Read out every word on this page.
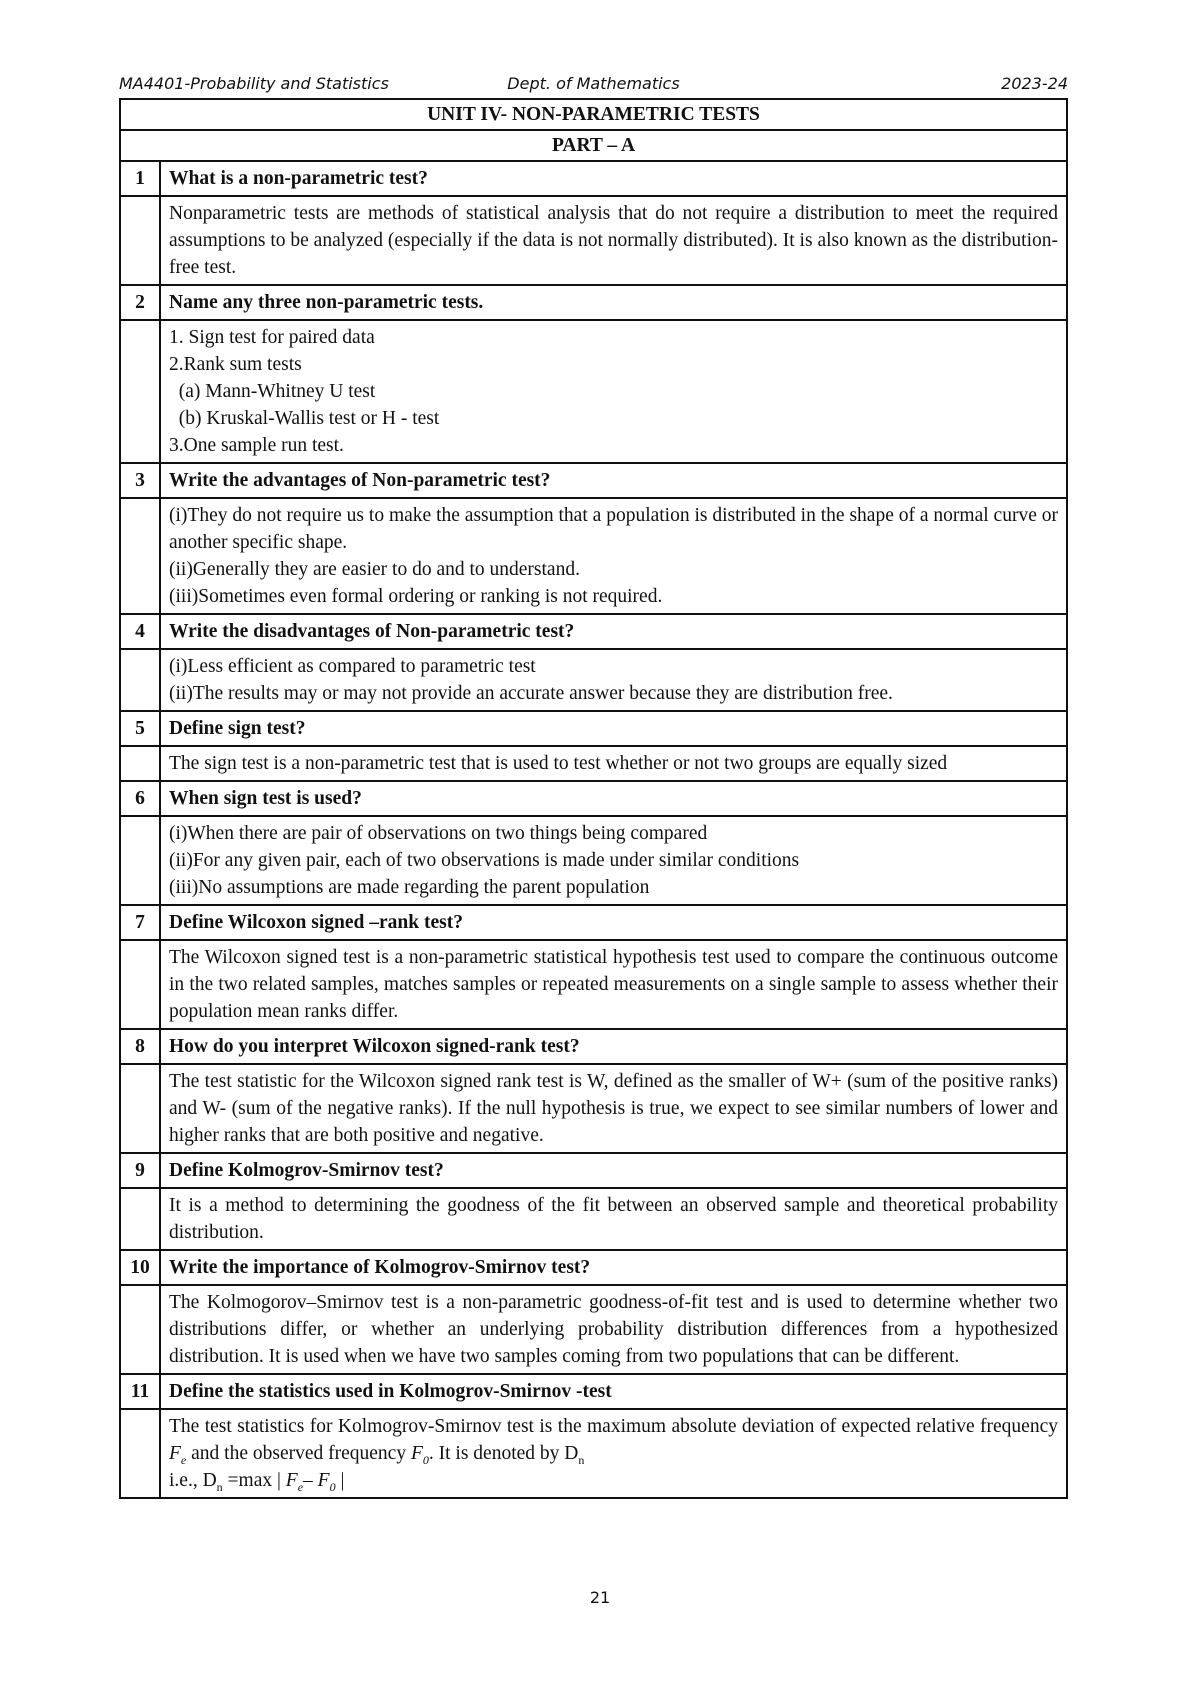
MA4401-Probability and Statistics	Dept. of Mathematics	2023-24
UNIT IV- NON-PARAMETRIC TESTS	
PART – A	
1	What is a non-parametric test?

	Nonparametric tests are methods of statistical analysis that do not require a distribution to meet the required assumptions to be analyzed (especially if the data is not normally distributed). It is also known as the distribution-free test.

2	Name any three non-parametric tests.

	1. Sign test for paired data
2.Rank sum tests
(a) Mann-Whitney U test
(b) Kruskal-Wallis test or H - test
3.One sample run test.

3	Write the advantages of Non-parametric test?

	(i)They do not require us to make the assumption that a population is distributed in the shape of a normal curve or another specific shape.
(ii)Generally they are easier to do and to understand.
(iii)Sometimes even formal ordering or ranking is not required.

4	Write the disadvantages of Non-parametric test?

	(i)Less efficient as compared to parametric test
(ii)The results may or may not provide an accurate answer because they are distribution free.

5	Define sign test?

	The sign test is a non-parametric test that is used to test whether or not two groups are equally sized

6	When sign test is used?

	(i)When there are pair of observations on two things being compared
(ii)For any given pair, each of two observations is made under similar conditions
(iii)No assumptions are made regarding the parent population

7	Define Wilcoxon signed –rank test?

	The Wilcoxon signed test is a non-parametric statistical hypothesis test used to compare the continuous outcome in the two related samples, matches samples or repeated measurements on a single sample to assess whether their population mean ranks differ.

8	How do you interpret Wilcoxon signed-rank test?

	The test statistic for the Wilcoxon signed rank test is W, defined as the smaller of W+ (sum of the positive ranks) and W- (sum of the negative ranks). If the null hypothesis is true, we expect to see similar numbers of lower and higher ranks that are both positive and negative.

9	Define Kolmogrov-Smirnov test?

	It is a method to determining the goodness of the fit between an observed sample and theoretical probability distribution.

10	Write the importance of Kolmogrov-Smirnov test?

	The Kolmogorov–Smirnov test is a non-parametric goodness-of-fit test and is used to determine whether two distributions differ, or whether an underlying probability distribution differences from a hypothesized distribution. It is used when we have two samples coming from two populations that can be different.

11	Define the statistics used in Kolmogrov-Smirnov -test

	The test statistics for Kolmogrov-Smirnov test is the maximum absolute deviation of expected relative frequency $F_e$ and the observed frequency $F_0$. It is denoted by $D_n$
i.e., $D_n =\max$ | $F_e-$ $F_0$ |
21
